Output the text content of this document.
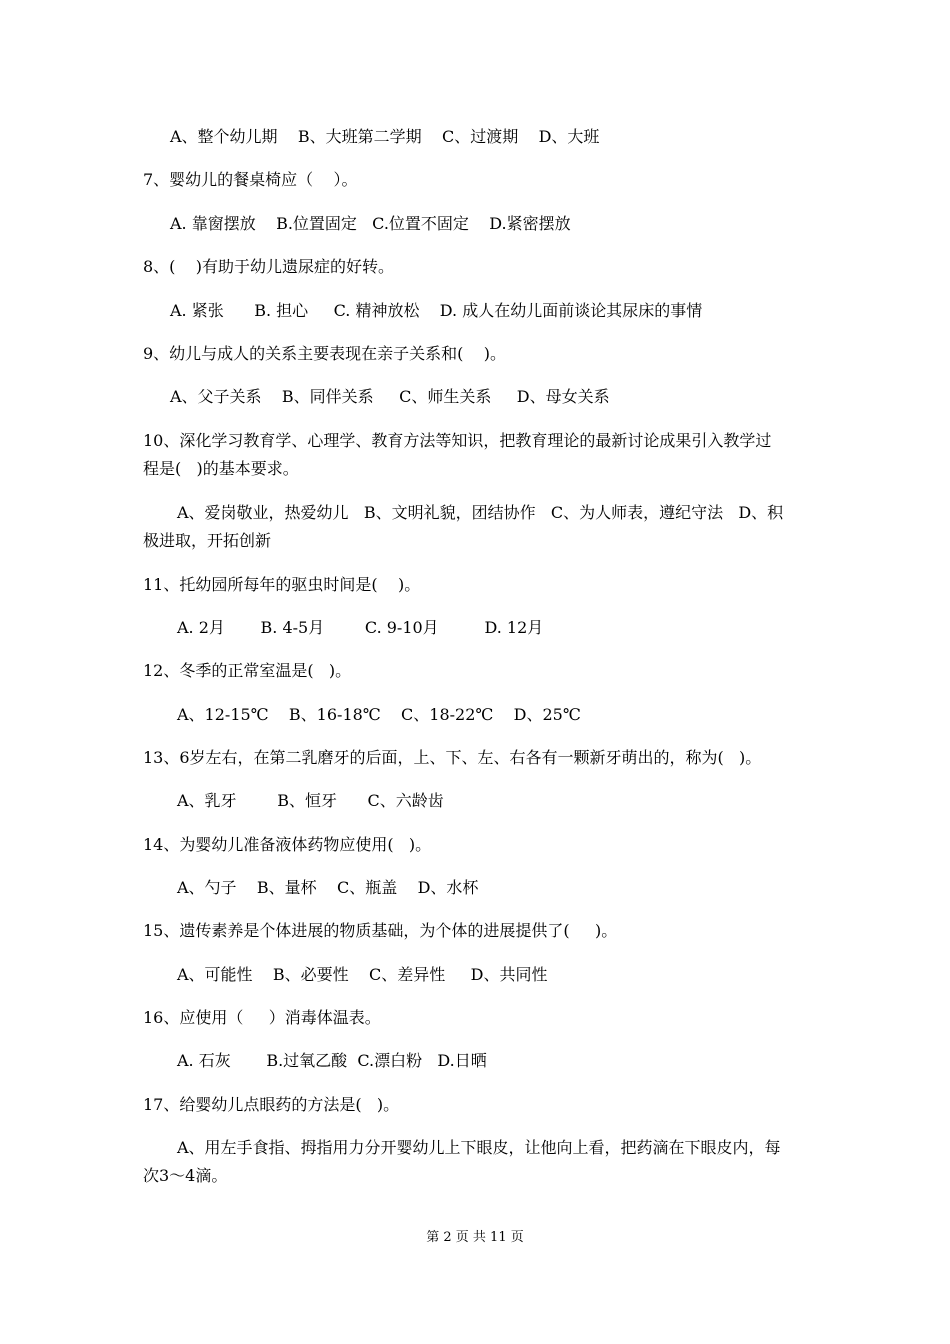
A、整个幼儿期    B、大班第二学期    C、过渡期    D、大班
7、婴幼儿的餐桌椅应（    ）。
A. 靠窗摆放    B.位置固定   C.位置不固定    D.紧密摆放
8、(    )有助于幼儿遗尿症的好转。
A. 紧张      B. 担心     C. 精神放松    D. 成人在幼儿面前谈论其尿床的事情
9、幼儿与成人的关系主要表现在亲子关系和(    )。
A、父子关系    B、同伴关系     C、师生关系     D、母女关系
10、深化学习教育学、心理学、教育方法等知识，把教育理论的最新讨论成果引入教学过
程是(   )的基本要求。
A、爱岗敬业，热爱幼儿   B、文明礼貌，团结协作   C、为人师表，遵纪守法   D、积
极进取，开拓创新
11、托幼园所每年的驱虫时间是(    )。
A. 2月       B. 4-5月        C. 9-10月         D. 12月
12、冬季的正常室温是(   )。
A、12-15℃    B、16-18℃    C、18-22℃    D、25℃
13、6岁左右，在第二乳磨牙的后面，上、下、左、右各有一颗新牙萌出的，称为(   )。
A、乳牙        B、恒牙      C、六龄齿
14、为婴幼儿准备液体药物应使用(   )。
A、勺子    B、量杯    C、瓶盖    D、水杯
15、遗传素养是个体进展的物质基础，为个体的进展提供了(     )。
A、可能性    B、必要性    C、差异性     D、共同性
16、应使用（     ）消毒体温表。
A. 石灰       B.过氧乙酸  C.漂白粉   D.日晒
17、给婴幼儿点眼药的方法是(   )。
A、用左手食指、拇指用力分开婴幼儿上下眼皮，让他向上看，把药滴在下眼皮内，每
次3～4滴。
第 2 页 共 11 页
